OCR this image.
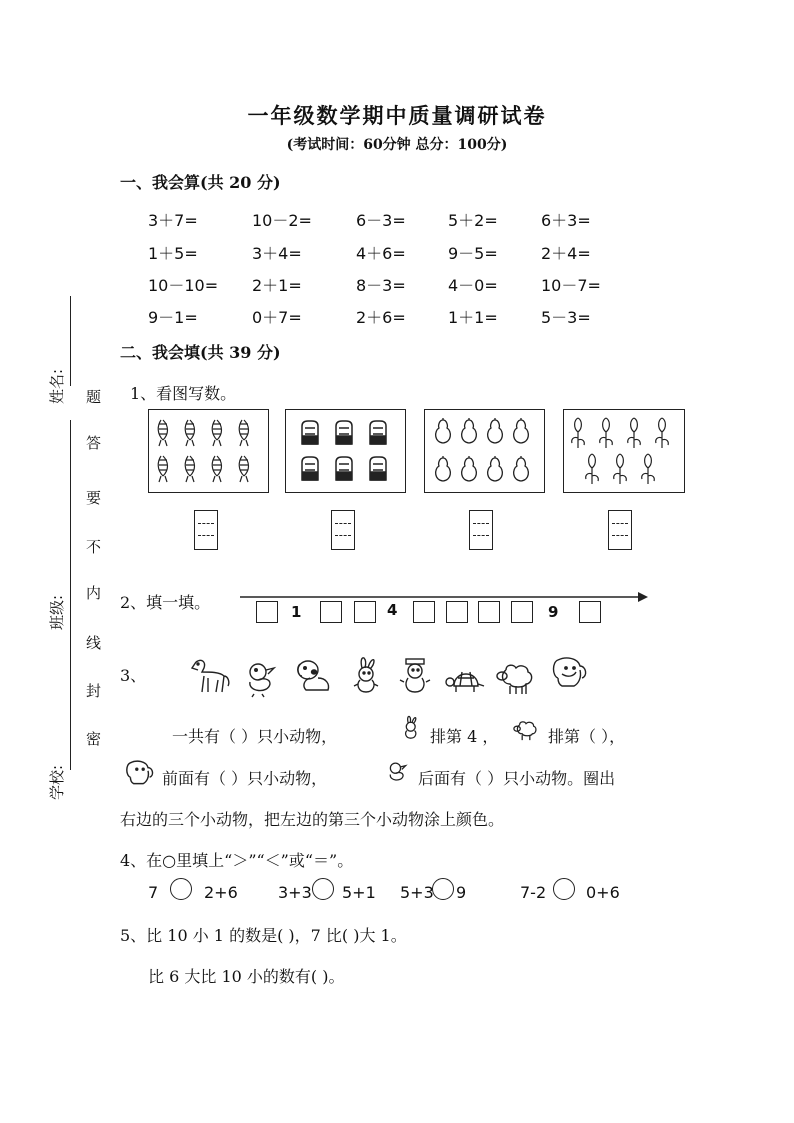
一年级数学期中质量调研试卷
(考试时间：60分钟 总分：100分)
题
答
要
不
内
线
封
密
姓名:
班级:
学校:
一、我会算(共 20 分)
3＋7=	10－2=	6－3=	5＋2=	6＋3=
1＋5=	3＋4=	4＋6=	9－5=	2＋4=
10－10= 2＋1=	8－3=	4－0=	10－7=
9－1=	0＋7=	2＋6=	1＋1=	5－3=
二、我会填(共 39 分)
1、看图写数。
2、填一填。	1	4	9
3、
一共有（ ）只小动物，	排第 4 ，	排第（ ），
前面有（ ）只小动物，	后面有（ ）只小动物。圈出
右边的三个小动物，把左边的第三个小动物涂上颜色。
4、在○里填上“＞”“＜”或“＝”。
7	2+6	3+3 5+1 5+3 9	7-2 0+6
5、比 10 小 1 的数是( )，7 比( )大 1。
比 6 大比 10 小的数有( )。
